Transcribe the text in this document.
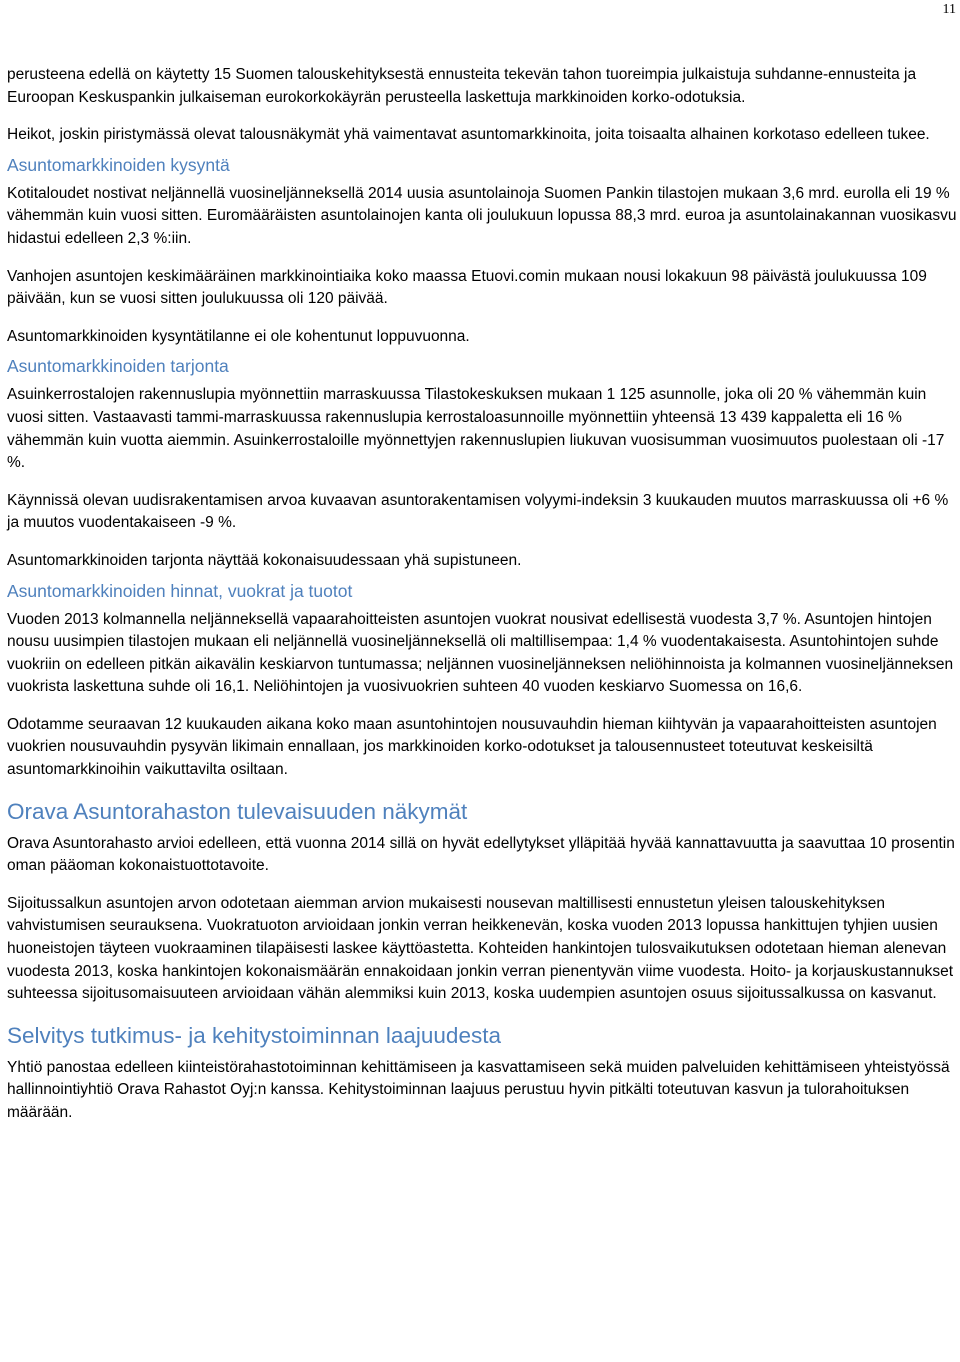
11

perusteena edellä on käytetty 15 Suomen talouskehityksestä ennusteita tekevän tahon tuoreimpia julkaistuja suhdanne-ennusteita ja Euroopan Keskuspankin julkaiseman eurokorkokäyrän perusteella laskettuja markkinoiden korko-odotuksia.

Heikot, joskin piristymässä olevat talousnäkymät yhä vaimentavat asuntomarkkinoita, joita toisaalta alhainen korkotaso edelleen tukee.

Asuntomarkkinoiden kysyntä

Kotitaloudet nostivat neljännellä vuosineljänneksellä 2014 uusia asuntolainoja Suomen Pankin tilastojen mukaan 3,6 mrd. eurolla eli 19 % vähemmän kuin vuosi sitten. Euromääräisten asuntolainojen kanta oli joulukuun lopussa 88,3 mrd. euroa ja asuntolainakannan vuosikasvu hidastui edelleen 2,3 %:iin.

Vanhojen asuntojen keskimääräinen markkinointiaika koko maassa Etuovi.comin mukaan nousi lokakuun 98 päivästä joulukuussa 109 päivään, kun se vuosi sitten joulukuussa oli 120 päivää.

Asuntomarkkinoiden kysyntätilanne ei ole kohentunut loppuvuonna.

Asuntomarkkinoiden tarjonta

Asuinkerrostalojen rakennuslupia myönnettiin marraskuussa Tilastokeskuksen mukaan 1 125 asunnolle, joka oli 20 % vähemmän kuin vuosi sitten. Vastaavasti tammi-marraskuussa rakennuslupia kerrostaloasunnoille myönnettiin yhteensä 13 439 kappaletta eli 16 % vähemmän kuin vuotta aiemmin. Asuinkerrostaloille myönnettyjen rakennuslupien liukuvan vuosisumman vuosimuutos puolestaan oli -17 %.

Käynnissä olevan uudisrakentamisen arvoa kuvaavan asuntorakentamisen volyymi-indeksin 3 kuukauden muutos marraskuussa oli +6 % ja muutos vuodentakaiseen -9 %.

Asuntomarkkinoiden tarjonta näyttää kokonaisuudessaan yhä supistuneen.

Asuntomarkkinoiden hinnat, vuokrat ja tuotot

Vuoden 2013 kolmannella neljänneksellä vapaarahoitteisten asuntojen vuokrat nousivat edellisestä vuodesta 3,7 %. Asuntojen hintojen nousu uusimpien tilastojen mukaan eli neljännellä vuosineljänneksellä oli maltillisempaa: 1,4 % vuodentakaisesta. Asuntohintojen suhde vuokriin on edelleen pitkän aikavälin keskiarvon tuntumassa; neljännen vuosineljänneksen neliöhinnoista ja kolmannen vuosineljänneksen vuokrista laskettuna suhde oli 16,1. Neliöhintojen ja vuosivuokrien suhteen 40 vuoden keskiarvo Suomessa on 16,6.

Odotamme seuraavan 12 kuukauden aikana koko maan asuntohintojen nousuvauhdin hieman kiihtyvän ja vapaarahoitteisten asuntojen vuokrien nousuvauhdin pysyvän likimain ennallaan, jos markkinoiden korko-odotukset ja talousennusteet toteutuvat keskeisiltä asuntomarkkinoihin vaikuttavilta osiltaan.

Orava Asuntorahaston tulevaisuuden näkymät

Orava Asuntorahasto arvioi edelleen, että vuonna 2014 sillä on hyvät edellytykset ylläpitää hyvää kannattavuutta ja saavuttaa 10 prosentin oman pääoman kokonaistuottotavoite.

Sijoitussalkun asuntojen arvon odotetaan aiemman arvion mukaisesti nousevan maltillisesti ennustetun yleisen talouskehityksen vahvistumisen seurauksena. Vuokratuoton arvioidaan jonkin verran heikkenevän, koska vuoden 2013 lopussa hankittujen tyhjien uusien huoneistojen täyteen vuokraaminen tilapäisesti laskee käyttöastetta. Kohteiden hankintojen tulosvaikutuksen odotetaan hieman alenevan vuodesta 2013, koska hankintojen kokonaismäärän ennakoidaan jonkin verran pienentyvän viime vuodesta. Hoito- ja korjauskustannukset suhteessa sijoitusomaisuuteen arvioidaan vähän alemmiksi kuin 2013, koska uudempien asuntojen osuus sijoitussalkussa on kasvanut.

Selvitys tutkimus- ja kehitystoiminnan laajuudesta

Yhtiö panostaa edelleen kiinteistörahastotoiminnan kehittämiseen ja kasvattamiseen sekä muiden palveluiden kehittämiseen yhteistyössä hallinnointiyhtiö Orava Rahastot Oyj:n kanssa. Kehitystoiminnan laajuus perustuu hyvin pitkälti toteutuvan kasvun ja tulorahoituksen määrään.
